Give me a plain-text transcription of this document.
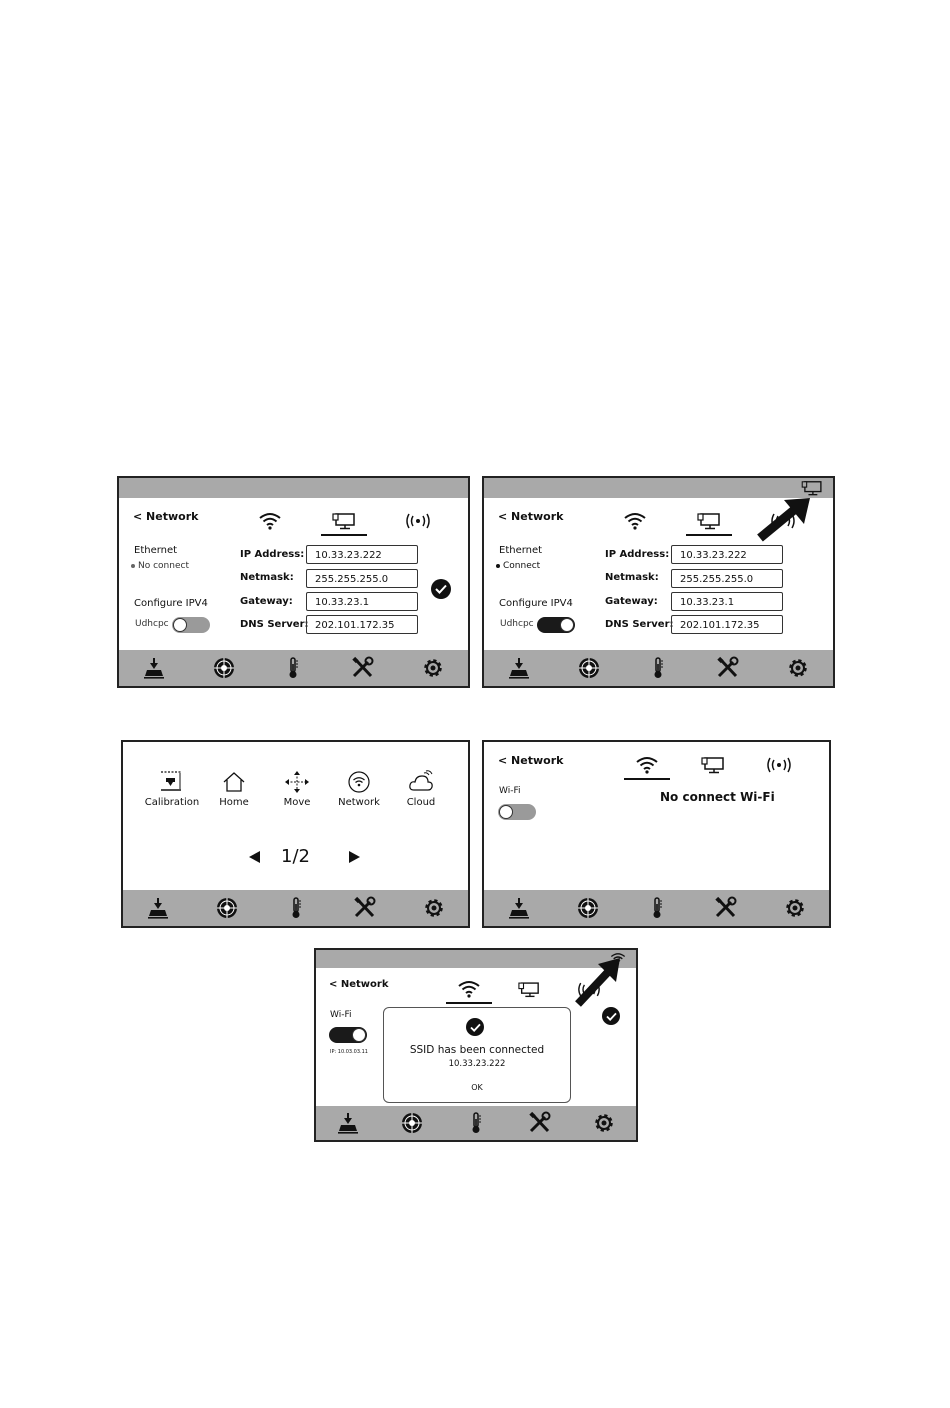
< Network
Ethernet
No connect
Configure IPV4
Udhcpc
IP Address:	10.33.23.222
Netmask:	255.255.255.0
Gateway:	10.33.23.1
DNS Server: 202.101.172.35
< Network
Ethernet
Connect
Configure IPV4
Udhcpc
IP Address:	10.33.23.222
Netmask:	255.255.255.0
Gateway:	10.33.23.1
DNS Server: 202.101.172.35
Calibration	Home	Move	Network	Cloud
1/2
< Network
Wi-Fi	No connect Wi-Fi
< Network
Wi-Fi
IP: 10.03.03.11	SSID has been connected
10.33.23.222
OK
